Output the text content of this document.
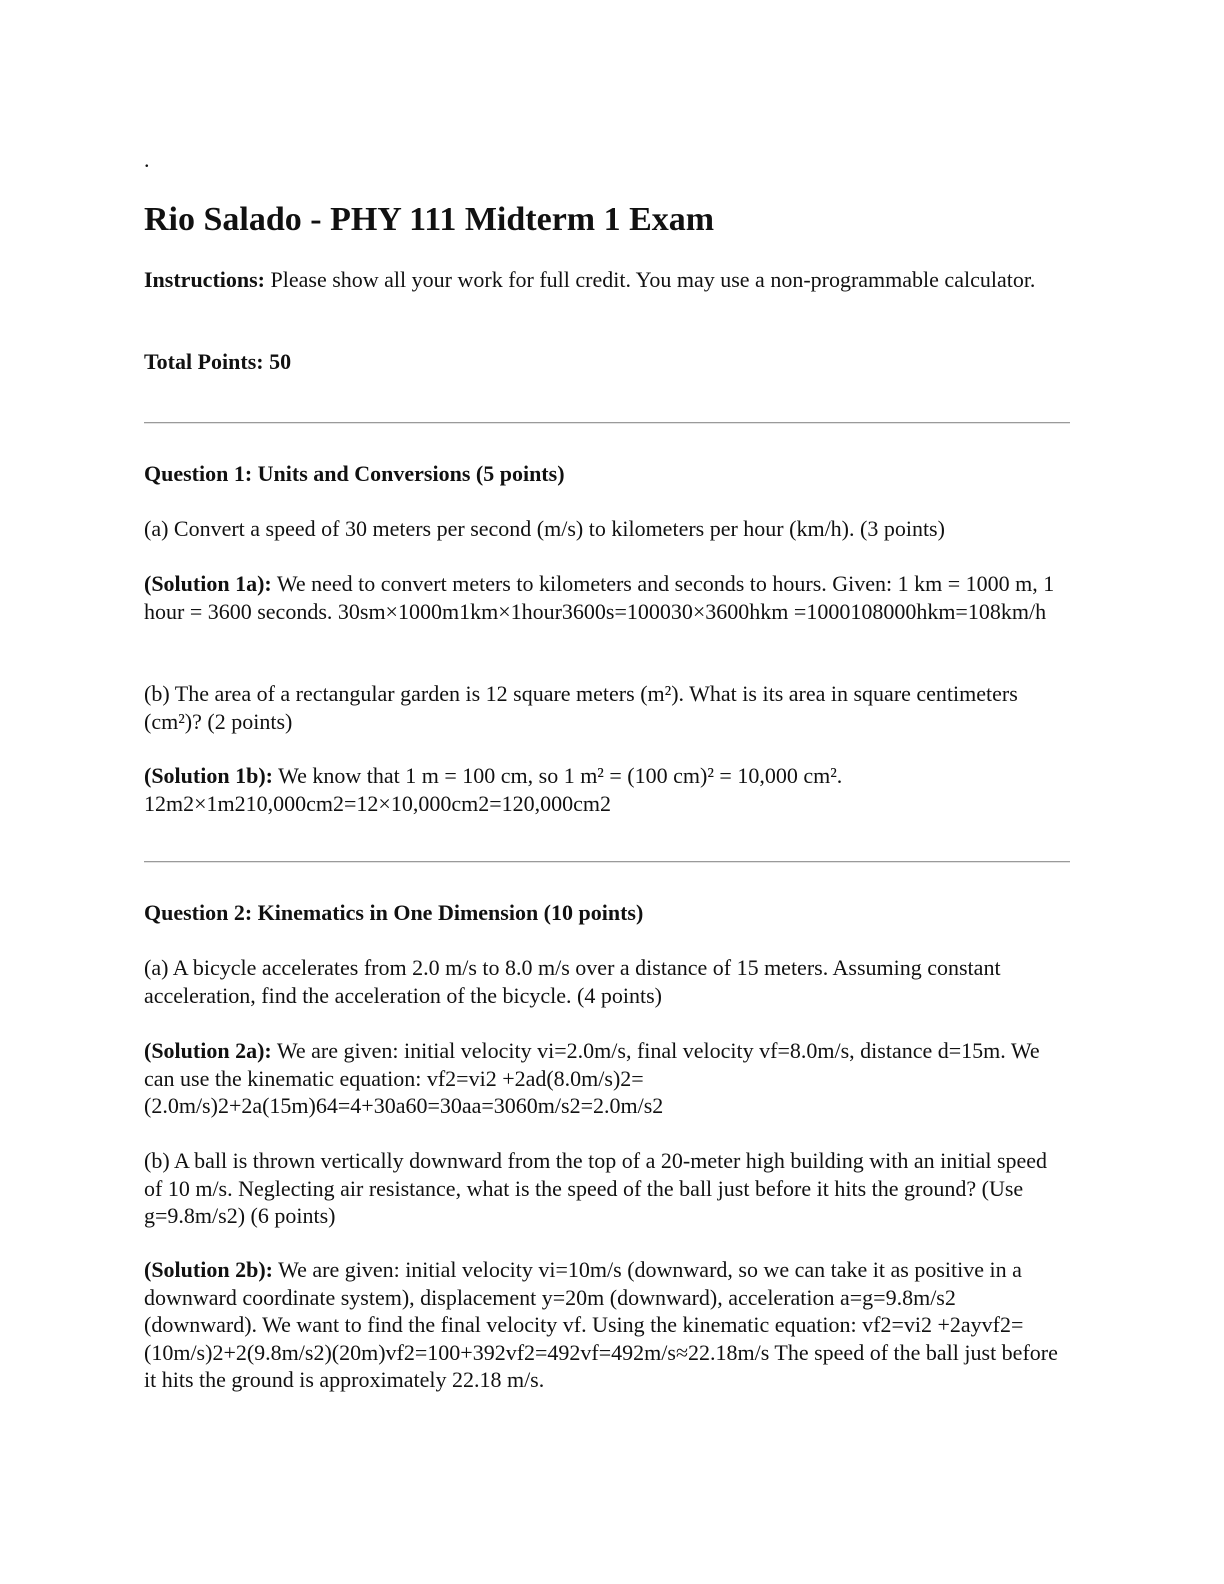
.
Rio Salado - PHY 111 Midterm 1 Exam

Instructions: Please show all your work for full credit. You may use a non-programmable calculator.

Total Points: 50

Question 1: Units and Conversions (5 points)

(a) Convert a speed of 30 meters per second (m/s) to kilometers per hour (km/h). (3 points)

(Solution 1a): We need to convert meters to kilometers and seconds to hours. Given: 1 km = 1000 m, 1 hour = 3600 seconds. 30sm×1000m1km×1hour3600s=100030×3600hkm =1000108000hkm=108km/h

(b) The area of a rectangular garden is 12 square meters (m²). What is its area in square centimeters (cm²)? (2 points)

(Solution 1b): We know that 1 m = 100 cm, so 1 m² = (100 cm)² = 10,000 cm². 12m2×1m210,000cm2=12×10,000cm2=120,000cm2

Question 2: Kinematics in One Dimension (10 points)

(a) A bicycle accelerates from 2.0 m/s to 8.0 m/s over a distance of 15 meters. Assuming constant acceleration, find the acceleration of the bicycle. (4 points)

(Solution 2a): We are given: initial velocity vi=2.0m/s, final velocity vf=8.0m/s, distance d=15m. We can use the kinematic equation: vf2=vi2 +2ad(8.0m/s)2=(2.0m/s)2+2a(15m)64=4+30a60=30aa=3060m/s2=2.0m/s2

(b) A ball is thrown vertically downward from the top of a 20-meter high building with an initial speed of 10 m/s. Neglecting air resistance, what is the speed of the ball just before it hits the ground? (Use g=9.8m/s2) (6 points)

(Solution 2b): We are given: initial velocity vi=10m/s (downward, so we can take it as positive in a downward coordinate system), displacement y=20m (downward), acceleration a=g=9.8m/s2 (downward). We want to find the final velocity vf. Using the kinematic equation: vf2=vi2 +2ayvf2=(10m/s)2+2(9.8m/s2)(20m)vf2=100+392vf2=492vf=492m/s≈22.18m/s The speed of the ball just before it hits the ground is approximately 22.18 m/s.
